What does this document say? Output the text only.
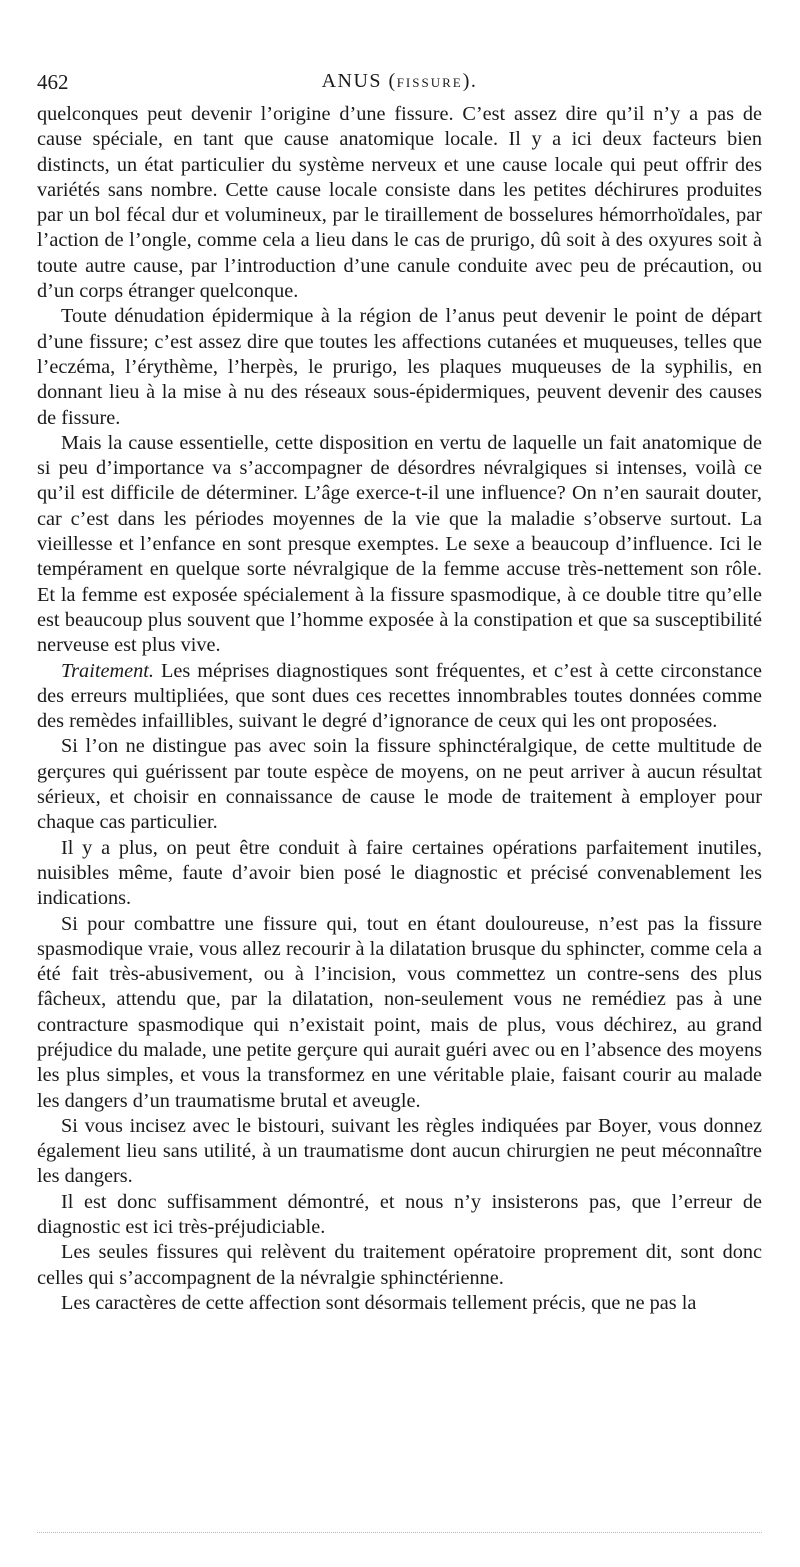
462	ANUS (FISSURE).

quelconques peut devenir l’origine d’une fissure. C’est assez dire qu’il n’y a pas de cause spéciale, en tant que cause anatomique locale. Il y a ici deux facteurs bien distincts, un état particulier du système nerveux et une cause locale qui peut offrir des variétés sans nombre. Cette cause locale consiste dans les petites déchirures produites par un bol fécal dur et volumineux, par le tiraillement de bosselures hémorrhoïdales, par l’action de l’ongle, comme cela a lieu dans le cas de prurigo, dû soit à des oxyures soit à toute autre cause, par l’introduction d’une canule conduite avec peu de précaution, ou d’un corps étranger quelconque.

Toute dénudation épidermique à la région de l’anus peut devenir le point de départ d’une fissure; c’est assez dire que toutes les affections cutanées et muqueuses, telles que l’eczéma, l’érythème, l’herpès, le prurigo, les plaques muqueuses de la syphilis, en donnant lieu à la mise à nu des réseaux sous-épidermiques, peuvent devenir des causes de fissure.

Mais la cause essentielle, cette disposition en vertu de laquelle un fait anatomique de si peu d’importance va s’accompagner de désordres névralgiques si intenses, voilà ce qu’il est difficile de déterminer. L’âge exerce-t-il une influence? On n’en saurait douter, car c’est dans les périodes moyennes de la vie que la maladie s’observe surtout. La vieillesse et l’enfance en sont presque exemptes. Le sexe a beaucoup d’influence. Ici le tempérament en quelque sorte névralgique de la femme accuse très-nettement son rôle. Et la femme est exposée spécialement à la fissure spasmodique, à ce double titre qu’elle est beaucoup plus souvent que l’homme exposée à la constipation et que sa susceptibilité nerveuse est plus vive.

Traitement. Les méprises diagnostiques sont fréquentes, et c’est à cette circonstance des erreurs multipliées, que sont dues ces recettes innombrables toutes données comme des remèdes infaillibles, suivant le degré d’ignorance de ceux qui les ont proposées.

Si l’on ne distingue pas avec soin la fissure sphinctéralgique, de cette multitude de gerçures qui guérissent par toute espèce de moyens, on ne peut arriver à aucun résultat sérieux, et choisir en connaissance de cause le mode de traitement à employer pour chaque cas particulier.

Il y a plus, on peut être conduit à faire certaines opérations parfaitement inutiles, nuisibles même, faute d’avoir bien posé le diagnostic et précisé convenablement les indications.

Si pour combattre une fissure qui, tout en étant douloureuse, n’est pas la fissure spasmodique vraie, vous allez recourir à la dilatation brusque du sphincter, comme cela a été fait très-abusivement, ou à l’incision, vous commettez un contre-sens des plus fâcheux, attendu que, par la dilatation, non-seulement vous ne remédiez pas à une contracture spasmodique qui n’existait point, mais de plus, vous déchirez, au grand préjudice du malade, une petite gerçure qui aurait guéri avec ou en l’absence des moyens les plus simples, et vous la transformez en une véritable plaie, faisant courir au malade les dangers d’un traumatisme brutal et aveugle.

Si vous incisez avec le bistouri, suivant les règles indiquées par Boyer, vous donnez également lieu sans utilité, à un traumatisme dont aucun chirurgien ne peut méconnaître les dangers.

Il est donc suffisamment démontré, et nous n’y insisterons pas, que l’erreur de diagnostic est ici très-préjudiciable.

Les seules fissures qui relèvent du traitement opératoire proprement dit, sont donc celles qui s’accompagnent de la névralgie sphinctérienne.

Les caractères de cette affection sont désormais tellement précis, que ne pas la
